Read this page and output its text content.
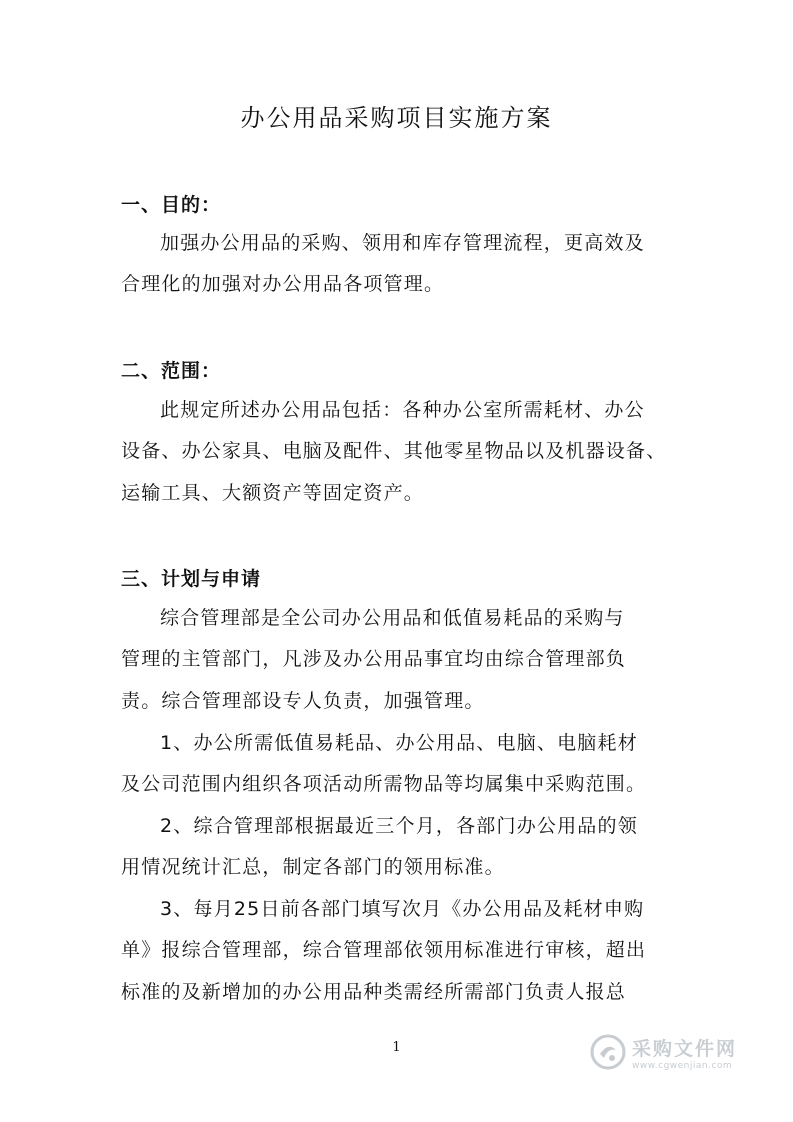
办公用品采购项目实施方案
一、目的：
加强办公用品的采购、领用和库存管理流程，更高效及
合理化的加强对办公用品各项管理。
二、范围：
此规定所述办公用品包括：各种办公室所需耗材、办公
设备、办公家具、电脑及配件、其他零星物品以及机器设备、
运输工具、大额资产等固定资产。
三、计划与申请
综合管理部是全公司办公用品和低值易耗品的采购与
管理的主管部门，凡涉及办公用品事宜均由综合管理部负
责。综合管理部设专人负责，加强管理。
1、办公所需低值易耗品、办公用品、电脑、电脑耗材
及公司范围内组织各项活动所需物品等均属集中采购范围。
2、综合管理部根据最近三个月，各部门办公用品的领
用情况统计汇总，制定各部门的领用标准。
3、每月25日前各部门填写次月《办公用品及耗材申购
单》报综合管理部，综合管理部依领用标准进行审核，超出
标准的及新增加的办公用品种类需经所需部门负责人报总
1	采购文件网
www.cgwenjian.com
